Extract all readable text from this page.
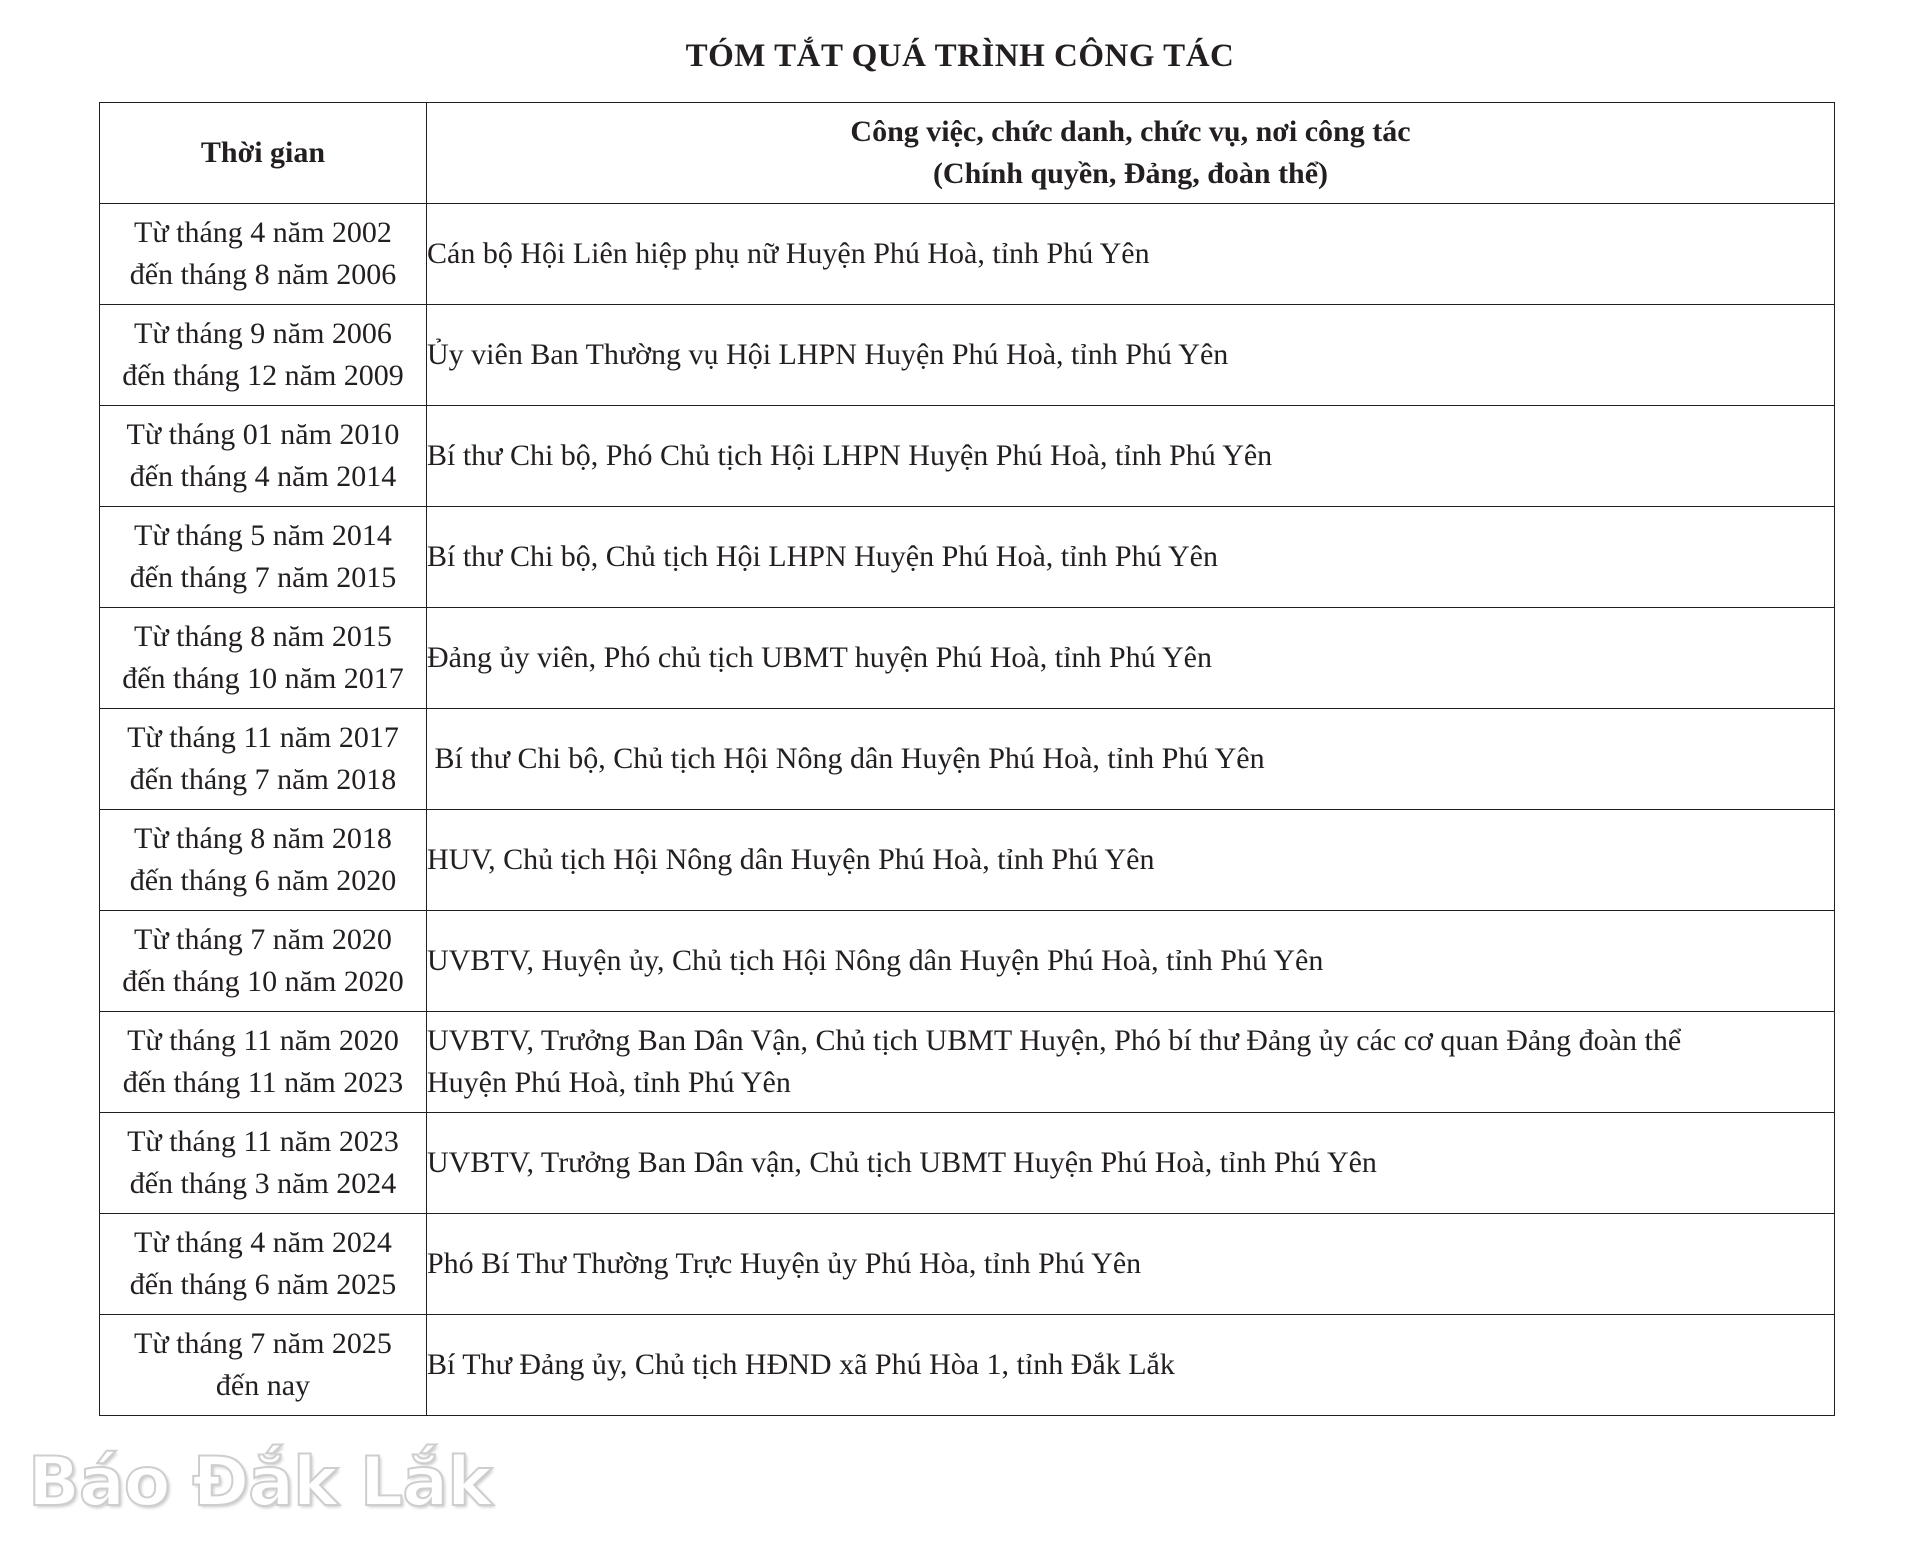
TÓM TẮT QUÁ TRÌNH CÔNG TÁC
Thời gian	Công việc, chức danh, chức vụ, nơi công tác
(Chính quyền, Đảng, đoàn thể)

Từ tháng 4 năm 2002
đến tháng 8 năm 2006	Cán bộ Hội Liên hiệp phụ nữ Huyện Phú Hoà, tỉnh Phú Yên

Từ tháng 9 năm 2006
đến tháng 12 năm 2009	Ủy viên Ban Thường vụ Hội LHPN Huyện Phú Hoà, tỉnh Phú Yên

Từ tháng 01 năm 2010
đến tháng 4 năm 2014	Bí thư Chi bộ, Phó Chủ tịch Hội LHPN Huyện Phú Hoà, tỉnh Phú Yên

Từ tháng 5 năm 2014
đến tháng 7 năm 2015	Bí thư Chi bộ, Chủ tịch Hội LHPN Huyện Phú Hoà, tỉnh Phú Yên

Từ tháng 8 năm 2015
đến tháng 10 năm 2017	Đảng ủy viên, Phó chủ tịch UBMT huyện Phú Hoà, tỉnh Phú Yên

Từ tháng 11 năm 2017
đến tháng 7 năm 2018	Bí thư Chi bộ, Chủ tịch Hội Nông dân Huyện Phú Hoà, tỉnh Phú Yên

Từ tháng 8 năm 2018
đến tháng 6 năm 2020	HUV, Chủ tịch Hội Nông dân Huyện Phú Hoà, tỉnh Phú Yên

Từ tháng 7 năm 2020
đến tháng 10 năm 2020	UVBTV, Huyện ủy, Chủ tịch Hội Nông dân Huyện Phú Hoà, tỉnh Phú Yên

Từ tháng 11 năm 2020
đến tháng 11 năm 2023	UVBTV, Trưởng Ban Dân Vận, Chủ tịch UBMT Huyện, Phó bí thư Đảng ủy các cơ quan Đảng đoàn thể
Huyện Phú Hoà, tỉnh Phú Yên

Từ tháng 11 năm 2023
đến tháng 3 năm 2024	UVBTV, Trưởng Ban Dân vận, Chủ tịch UBMT Huyện Phú Hoà, tỉnh Phú Yên

Từ tháng 4 năm 2024
đến tháng 6 năm 2025	Phó Bí Thư Thường Trực Huyện ủy Phú Hòa, tỉnh Phú Yên

Từ tháng 7 năm 2025
đến nay	Bí Thư Đảng ủy, Chủ tịch HĐND xã Phú Hòa 1, tỉnh Đắk Lắk
Báo Đắk Lắk
